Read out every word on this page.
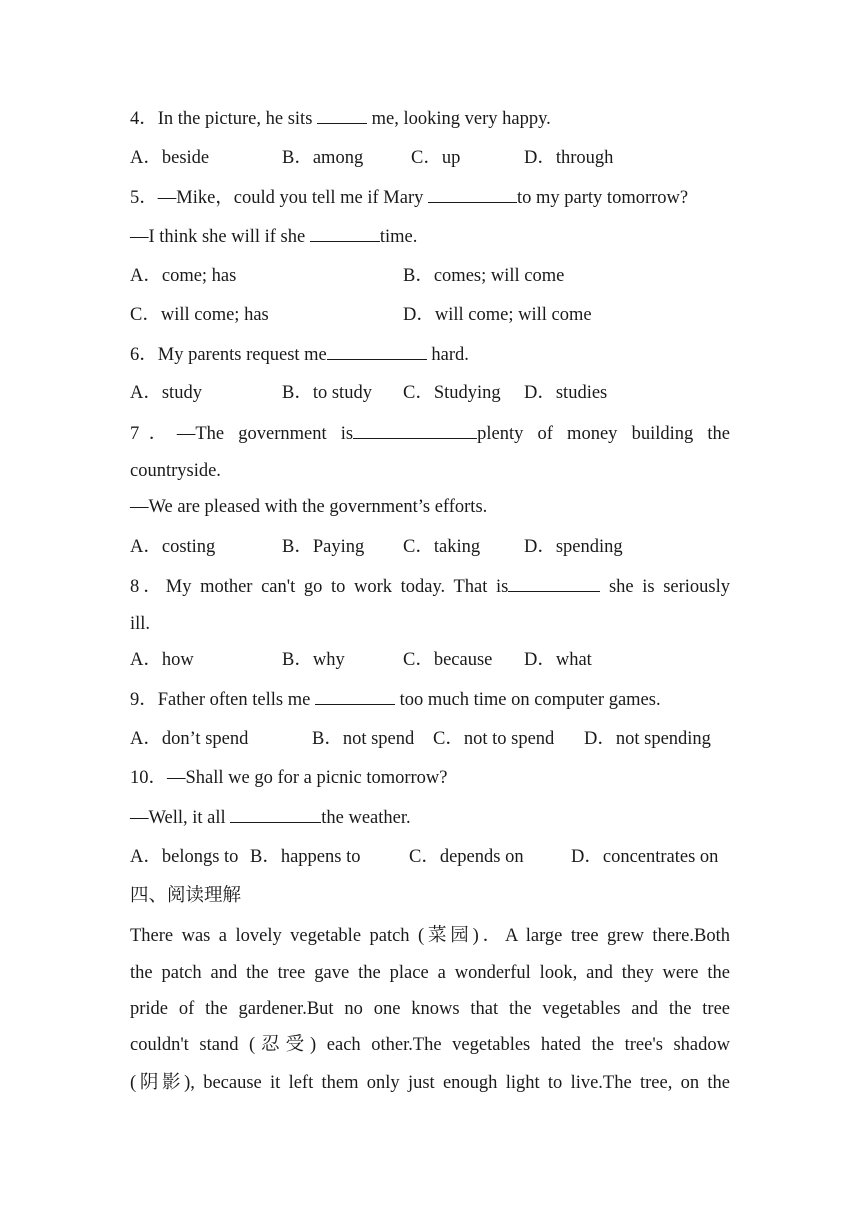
4．In the picture, he sits	me, looking very happy.
A．beside	B．among	C．up	D．through
5．—Mike，could you tell me if Mary	to my party tomorrow?
—I think she will if she	time.
A．come; has	B．comes; will come
C．will come; has	D．will come; will come
6．My parents request me	hard.
A．study	B．to study C．Studying D．studies
7．—The government is	plenty of money building the
countryside.
—We are pleased with the government’s efforts.
A．costing	B．Paying C．taking D．spending
8．My mother can't go to work today. That is	she is seriously
ill.
A．how	B．why	C．because D．what
9．Father often tells me	too much time on computer games.
A．don’t spend	B．not spend C．not to spend D．not spending
10．—Shall we go for a picnic tomorrow?
—Well, it all	the weather.
A．belongs to B．happens to	C．depends on	D．concentrates on
四、阅读理解
There was a lovely vegetable patch (菜园)．A large tree grew there.Both
the patch and the tree gave the place a wonderful look, and they were the
pride of the gardener.But no one knows that the vegetables and the tree
couldn't stand (忍受) each other.The vegetables hated the tree's shadow
(阴影), because it left them only just enough light to live.The tree, on the
